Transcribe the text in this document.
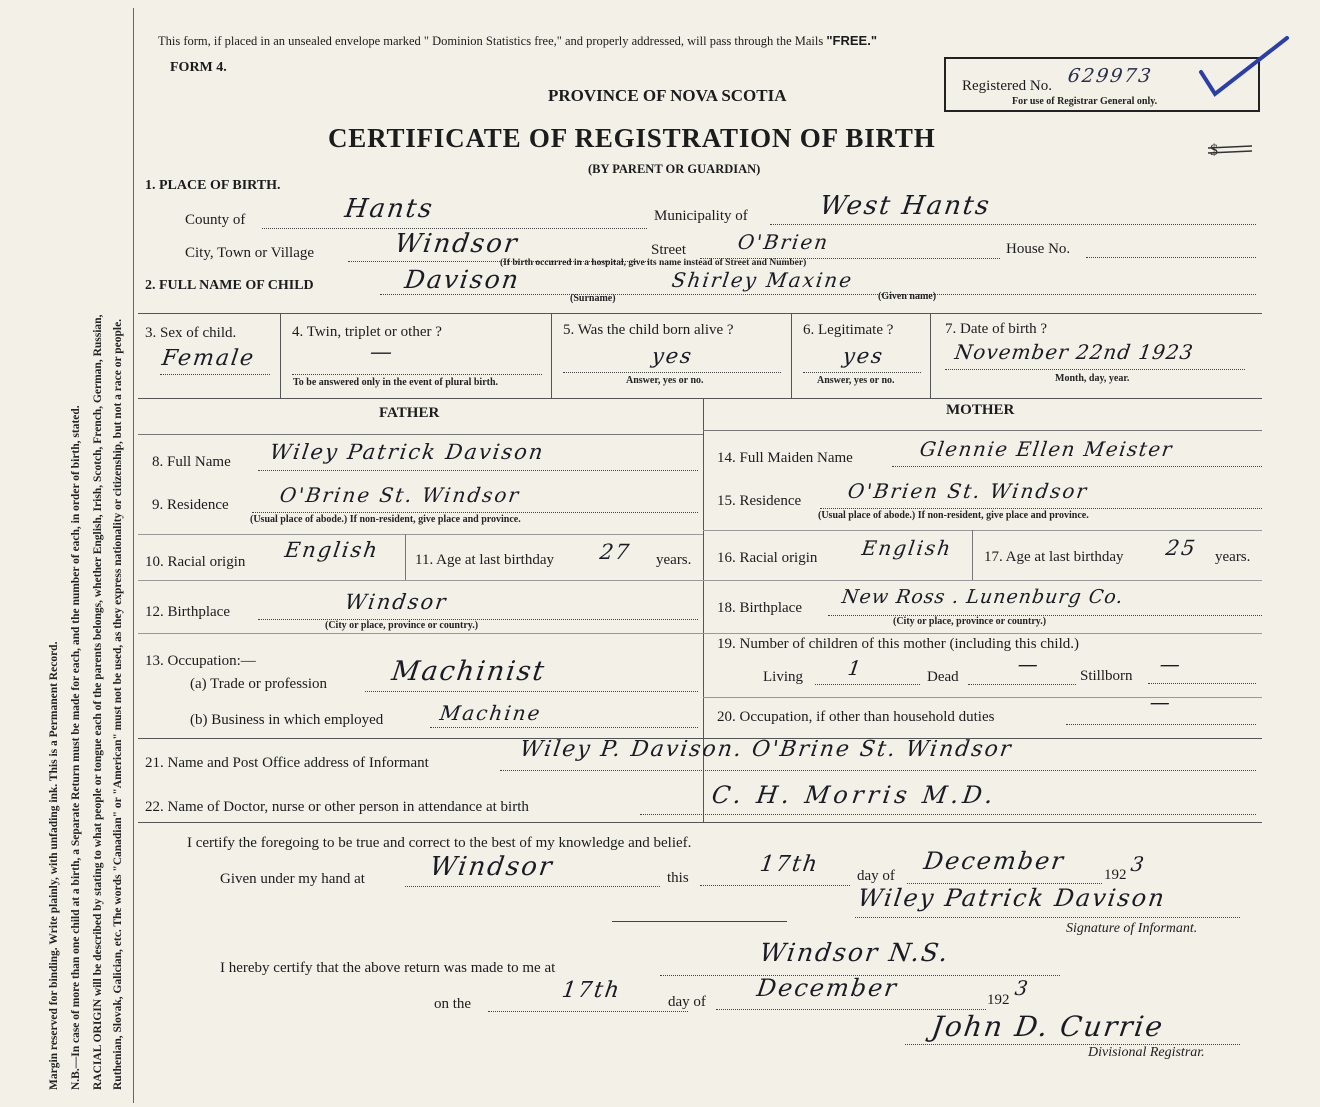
Margin reserved for binding. Write plainly, with unfading ink. This is a Permanent Record. N.B.—In case of more than one child at a birth, a Separate Return must be made for each, and the number of each, in order of birth, stated. RACIAL ORIGIN will be described by stating to what people or tongue each of the parents belongs, whether English, Irish, Scotch, French, German, Russian, Ruthenian, Slovak, Galician, etc. The words "Canadian" or "American" must not be used, as they express nationality or citizenship, but not a race or people.
This form, if placed in an unsealed envelope marked " Dominion Statistics free," and properly addressed, will pass through the Mails "FREE."
FORM 4.
PROVINCE OF NOVA SCOTIA
CERTIFICATE OF REGISTRATION OF BIRTH
(BY PARENT OR GUARDIAN)
Registered No. 629973
For use of Registrar General only.
$
1. PLACE OF BIRTH.
County of	Hants	Municipality of	West Hants
City, Town or Village	Windsor	Street	O'Brien	House No.
(If birth occurred in a hospital, give its name instead of Street and Number)
2. FULL NAME OF CHILD	Davison
(Surname)
Shirley Maxine
(Given name)
3. Sex of child.
Female
4. Twin, triplet or other ?
—
To be answered only in the event of plural birth.
5. Was the child born alive ?
yes
Answer, yes or no.
6. Legitimate ?
yes
Answer, yes or no.
7. Date of birth ?
November 22nd 1923
Month, day, year.
FATHER	MOTHER
8. Full Name Wiley Patrick Davison	14. Full Maiden Name	Glennie Ellen Meister
9. Residence O'Brine St. Windsor
(Usual place of abode.) If non-resident, give place and province.
15. Residence O'Brien St. Windsor
(Usual place of abode.) If non-resident, give place and province.
10. Racial origin English 11. Age at last birthday 27 years. 16. Racial origin English 17. Age at last birthday 25 years.
12. Birthplace	Windsor
(City or place, province or country.)
18. Birthplace New Ross . Lunenburg Co.
(City or place, province or country.)
13. Occupation:—
(a) Trade or profession Machinist
(b) Business in which employed	Machine
19. Number of children of this mother (including this child.)
Living 1	Dead
—	Stillborn —
20. Occupation, if other than household duties
—
21. Name and Post Office address of Informant
Wiley P. Davison. O'Brine St. Windsor
22. Name of Doctor, nurse or other person in attendance at birth	C. H. Morris M.D.
I certify the foregoing to be true and correct to the best of my knowledge and belief.
Given under my hand at Windsor	this
17th day of
December 192 3
Wiley Patrick Davison
Signature of Informant.
I hereby certify that the above return was made to me at
Windsor N.S.
on the
17th	day of December	192 3
John D. Currie
Divisional Registrar.
